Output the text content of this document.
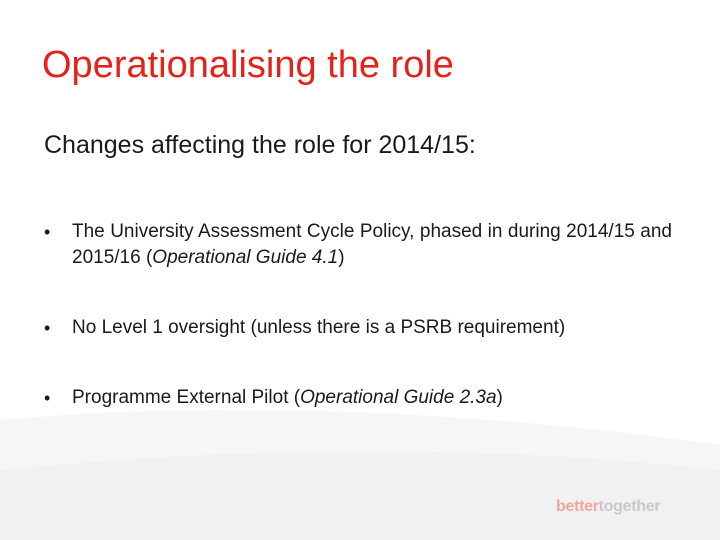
Operationalising the role

Changes affecting the role for 2014/15:

• The University Assessment Cycle Policy, phased in during 2014/15 and 2015/16 (Operational Guide 4.1)
• No Level 1 oversight (unless there is a PSRB requirement)
• Programme External Pilot (Operational Guide 2.3a)
bettertogether
